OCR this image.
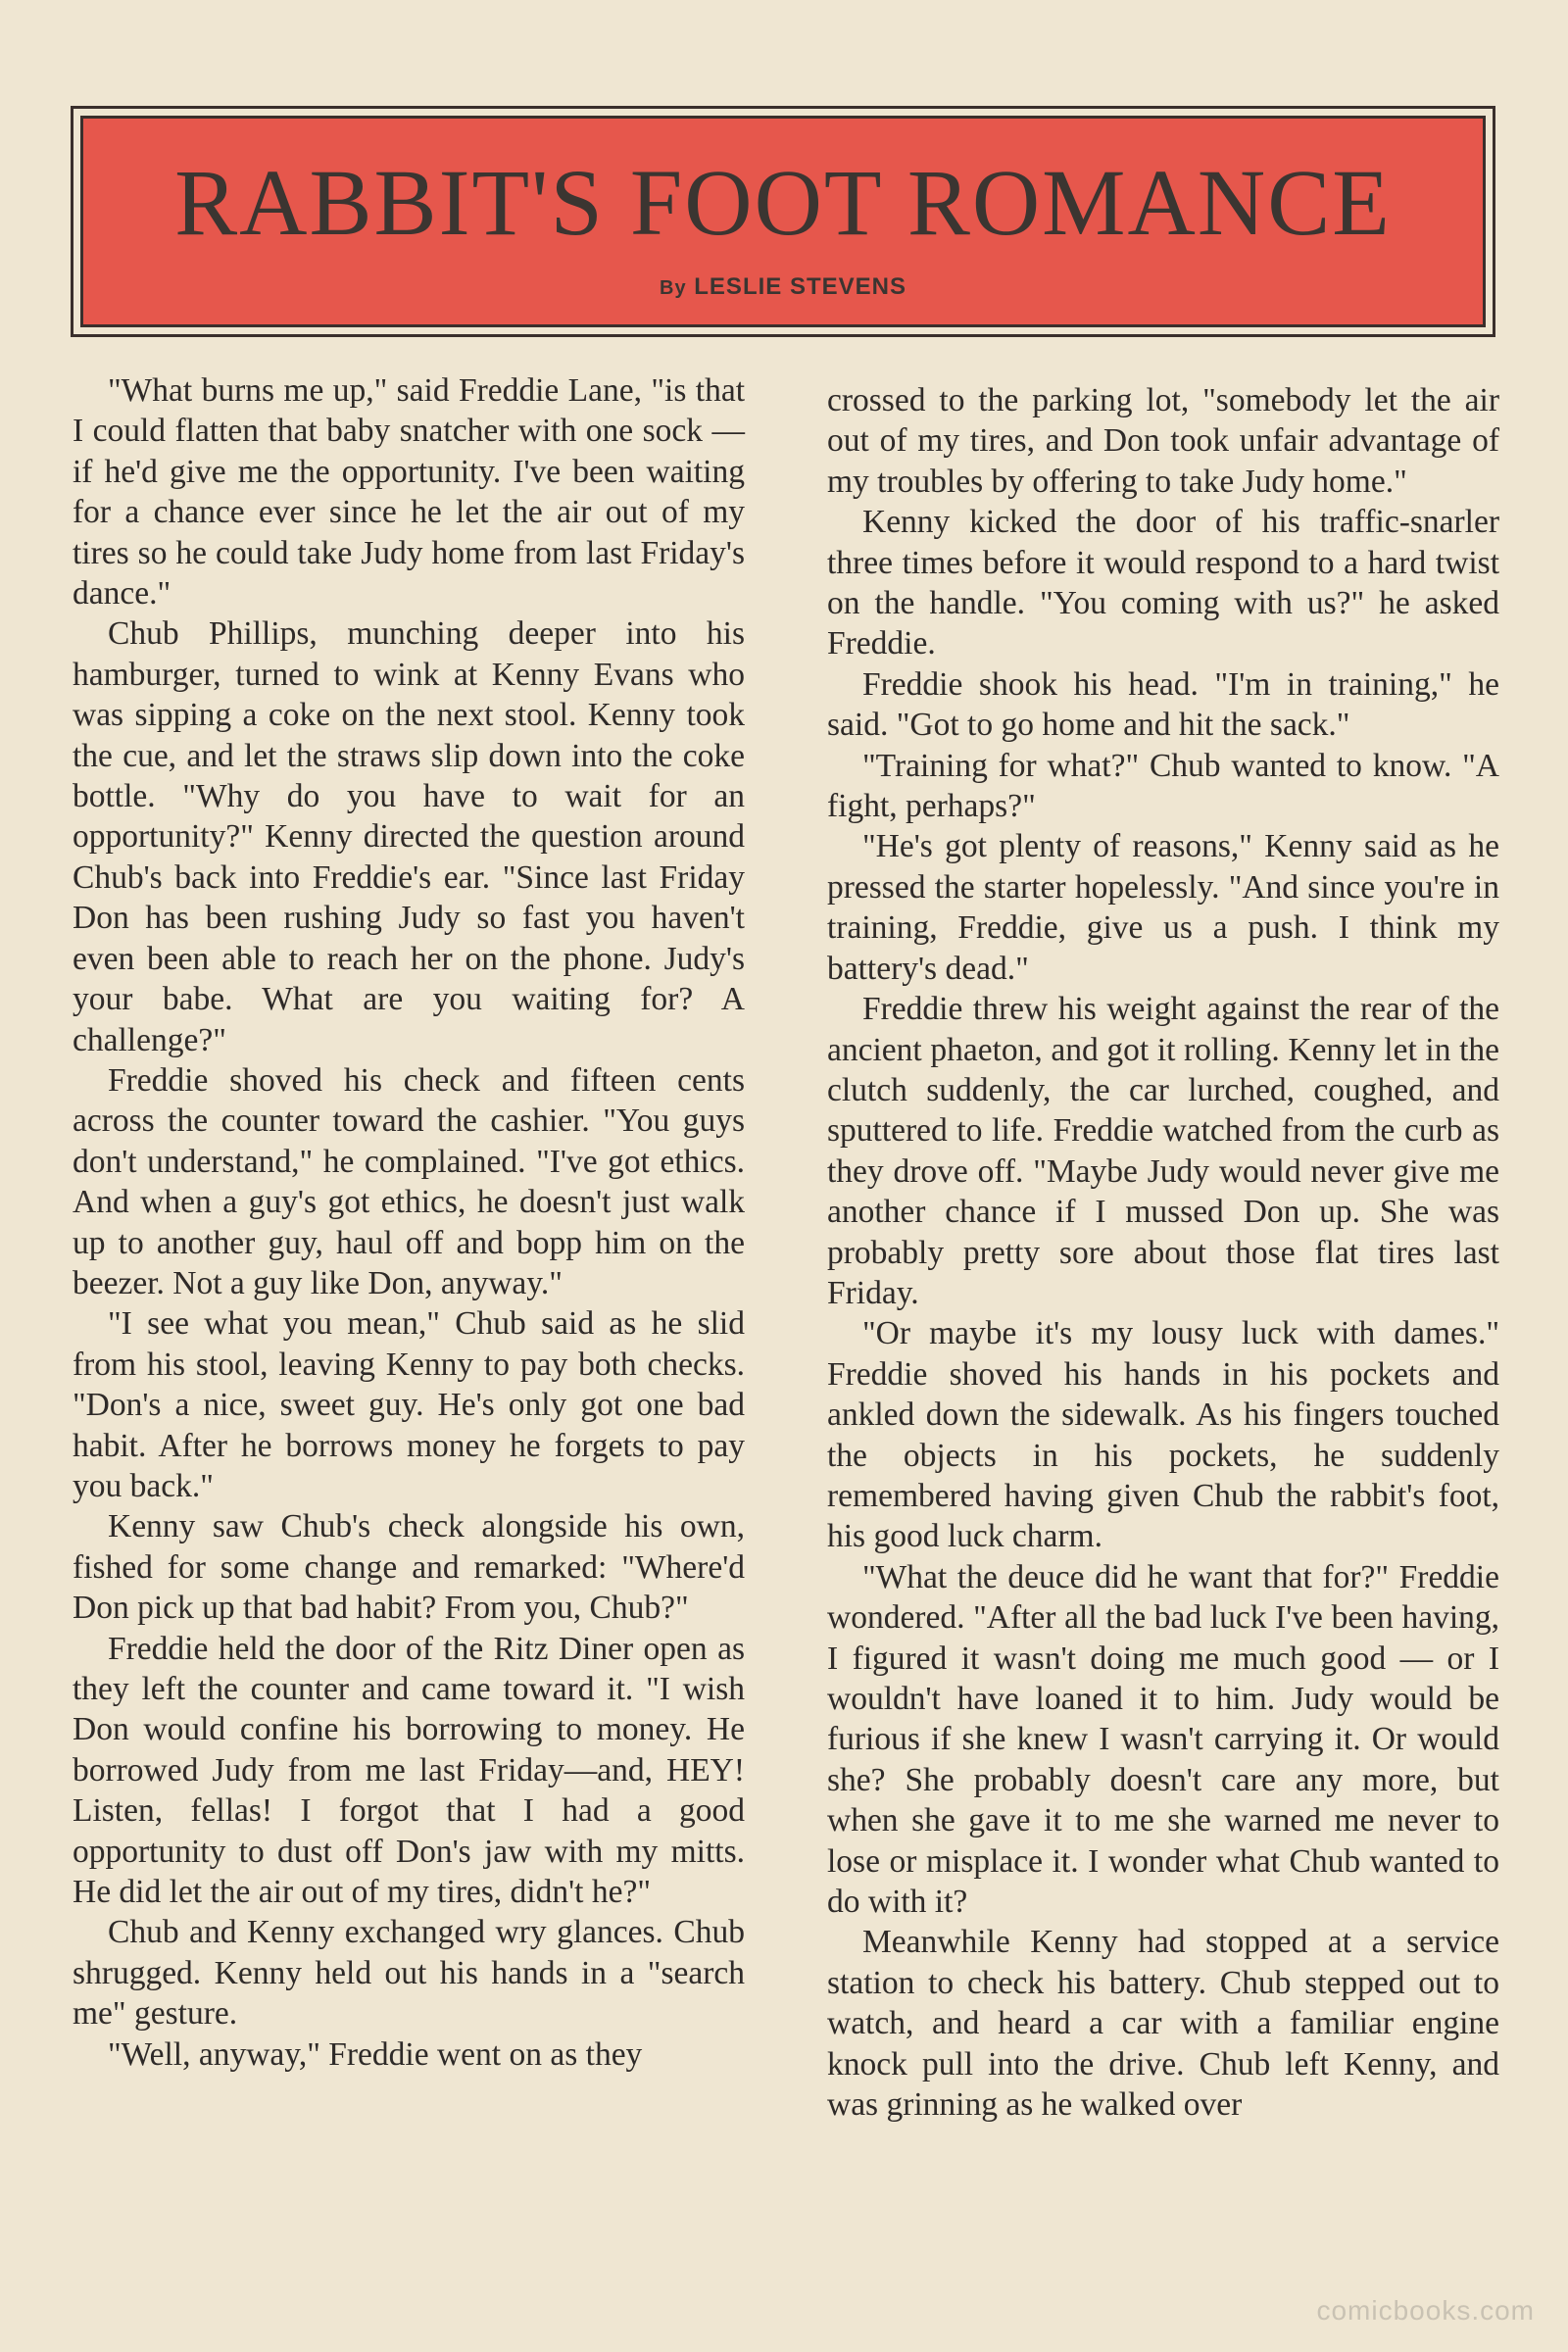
RABBIT'S FOOT ROMANCE
By LESLIE STEVENS

"What burns me up," said Freddie Lane, "is that I could flatten that baby snatcher with one sock — if he'd give me the opportunity. I've been waiting for a chance ever since he let the air out of my tires so he could take Judy home from last Friday's dance."

Chub Phillips, munching deeper into his hamburger, turned to wink at Kenny Evans who was sipping a coke on the next stool. Kenny took the cue, and let the straws slip down into the coke bottle. "Why do you have to wait for an opportunity?" Kenny directed the question around Chub's back into Freddie's ear. "Since last Friday Don has been rushing Judy so fast you haven't even been able to reach her on the phone. Judy's your babe. What are you waiting for? A challenge?"

Freddie shoved his check and fifteen cents across the counter toward the cashier. "You guys don't understand," he complained. "I've got ethics. And when a guy's got ethics, he doesn't just walk up to another guy, haul off and bopp him on the beezer. Not a guy like Don, anyway."

"I see what you mean," Chub said as he slid from his stool, leaving Kenny to pay both checks. "Don's a nice, sweet guy. He's only got one bad habit. After he borrows money he forgets to pay you back."

Kenny saw Chub's check alongside his own, fished for some change and remarked: "Where'd Don pick up that bad habit? From you, Chub?"

Freddie held the door of the Ritz Diner open as they left the counter and came toward it. "I wish Don would confine his borrowing to money. He borrowed Judy from me last Friday—and, HEY! Listen, fellas! I forgot that I had a good opportunity to dust off Don's jaw with my mitts. He did let the air out of my tires, didn't he?"

Chub and Kenny exchanged wry glances. Chub shrugged. Kenny held out his hands in a "search me" gesture.

"Well, anyway," Freddie went on as they

crossed to the parking lot, "somebody let the air out of my tires, and Don took unfair advantage of my troubles by offering to take Judy home."

Kenny kicked the door of his traffic-snarler three times before it would respond to a hard twist on the handle. "You coming with us?" he asked Freddie.

Freddie shook his head. "I'm in training," he said. "Got to go home and hit the sack."

"Training for what?" Chub wanted to know. "A fight, perhaps?"

"He's got plenty of reasons," Kenny said as he pressed the starter hopelessly. "And since you're in training, Freddie, give us a push. I think my battery's dead."

Freddie threw his weight against the rear of the ancient phaeton, and got it rolling. Kenny let in the clutch suddenly, the car lurched, coughed, and sputtered to life. Freddie watched from the curb as they drove off. "Maybe Judy would never give me another chance if I mussed Don up. She was probably pretty sore about those flat tires last Friday.

"Or maybe it's my lousy luck with dames." Freddie shoved his hands in his pockets and ankled down the sidewalk. As his fingers touched the objects in his pockets, he suddenly remembered having given Chub the rabbit's foot, his good luck charm.

"What the deuce did he want that for?" Freddie wondered. "After all the bad luck I've been having, I figured it wasn't doing me much good — or I wouldn't have loaned it to him. Judy would be furious if she knew I wasn't carrying it. Or would she? She probably doesn't care any more, but when she gave it to me she warned me never to lose or misplace it. I wonder what Chub wanted to do with it?

Meanwhile Kenny had stopped at a service station to check his battery. Chub stepped out to watch, and heard a car with a familiar engine knock pull into the drive. Chub left Kenny, and was grinning as he walked over

comicbooks.com
